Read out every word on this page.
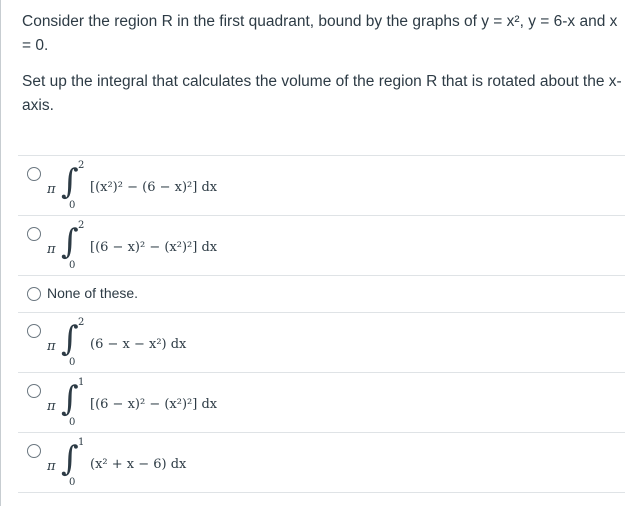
Consider the region R in the first quadrant, bound by the graphs of y = x², y = 6-x and x = 0.

Set up the integral that calculates the volume of the region R that is rotated about the x-axis.

π ∫ 2
0
[(x²)² − (6 − x)²] dx
π ∫ 2
0
[(6 − x)² − (x²)²] dx
None of these.
π ∫ 2
0
(6 − x − x²) dx
π ∫ 1
0
[(6 − x)² − (x²)²] dx
π ∫ 1
0
(x² + x − 6) dx
